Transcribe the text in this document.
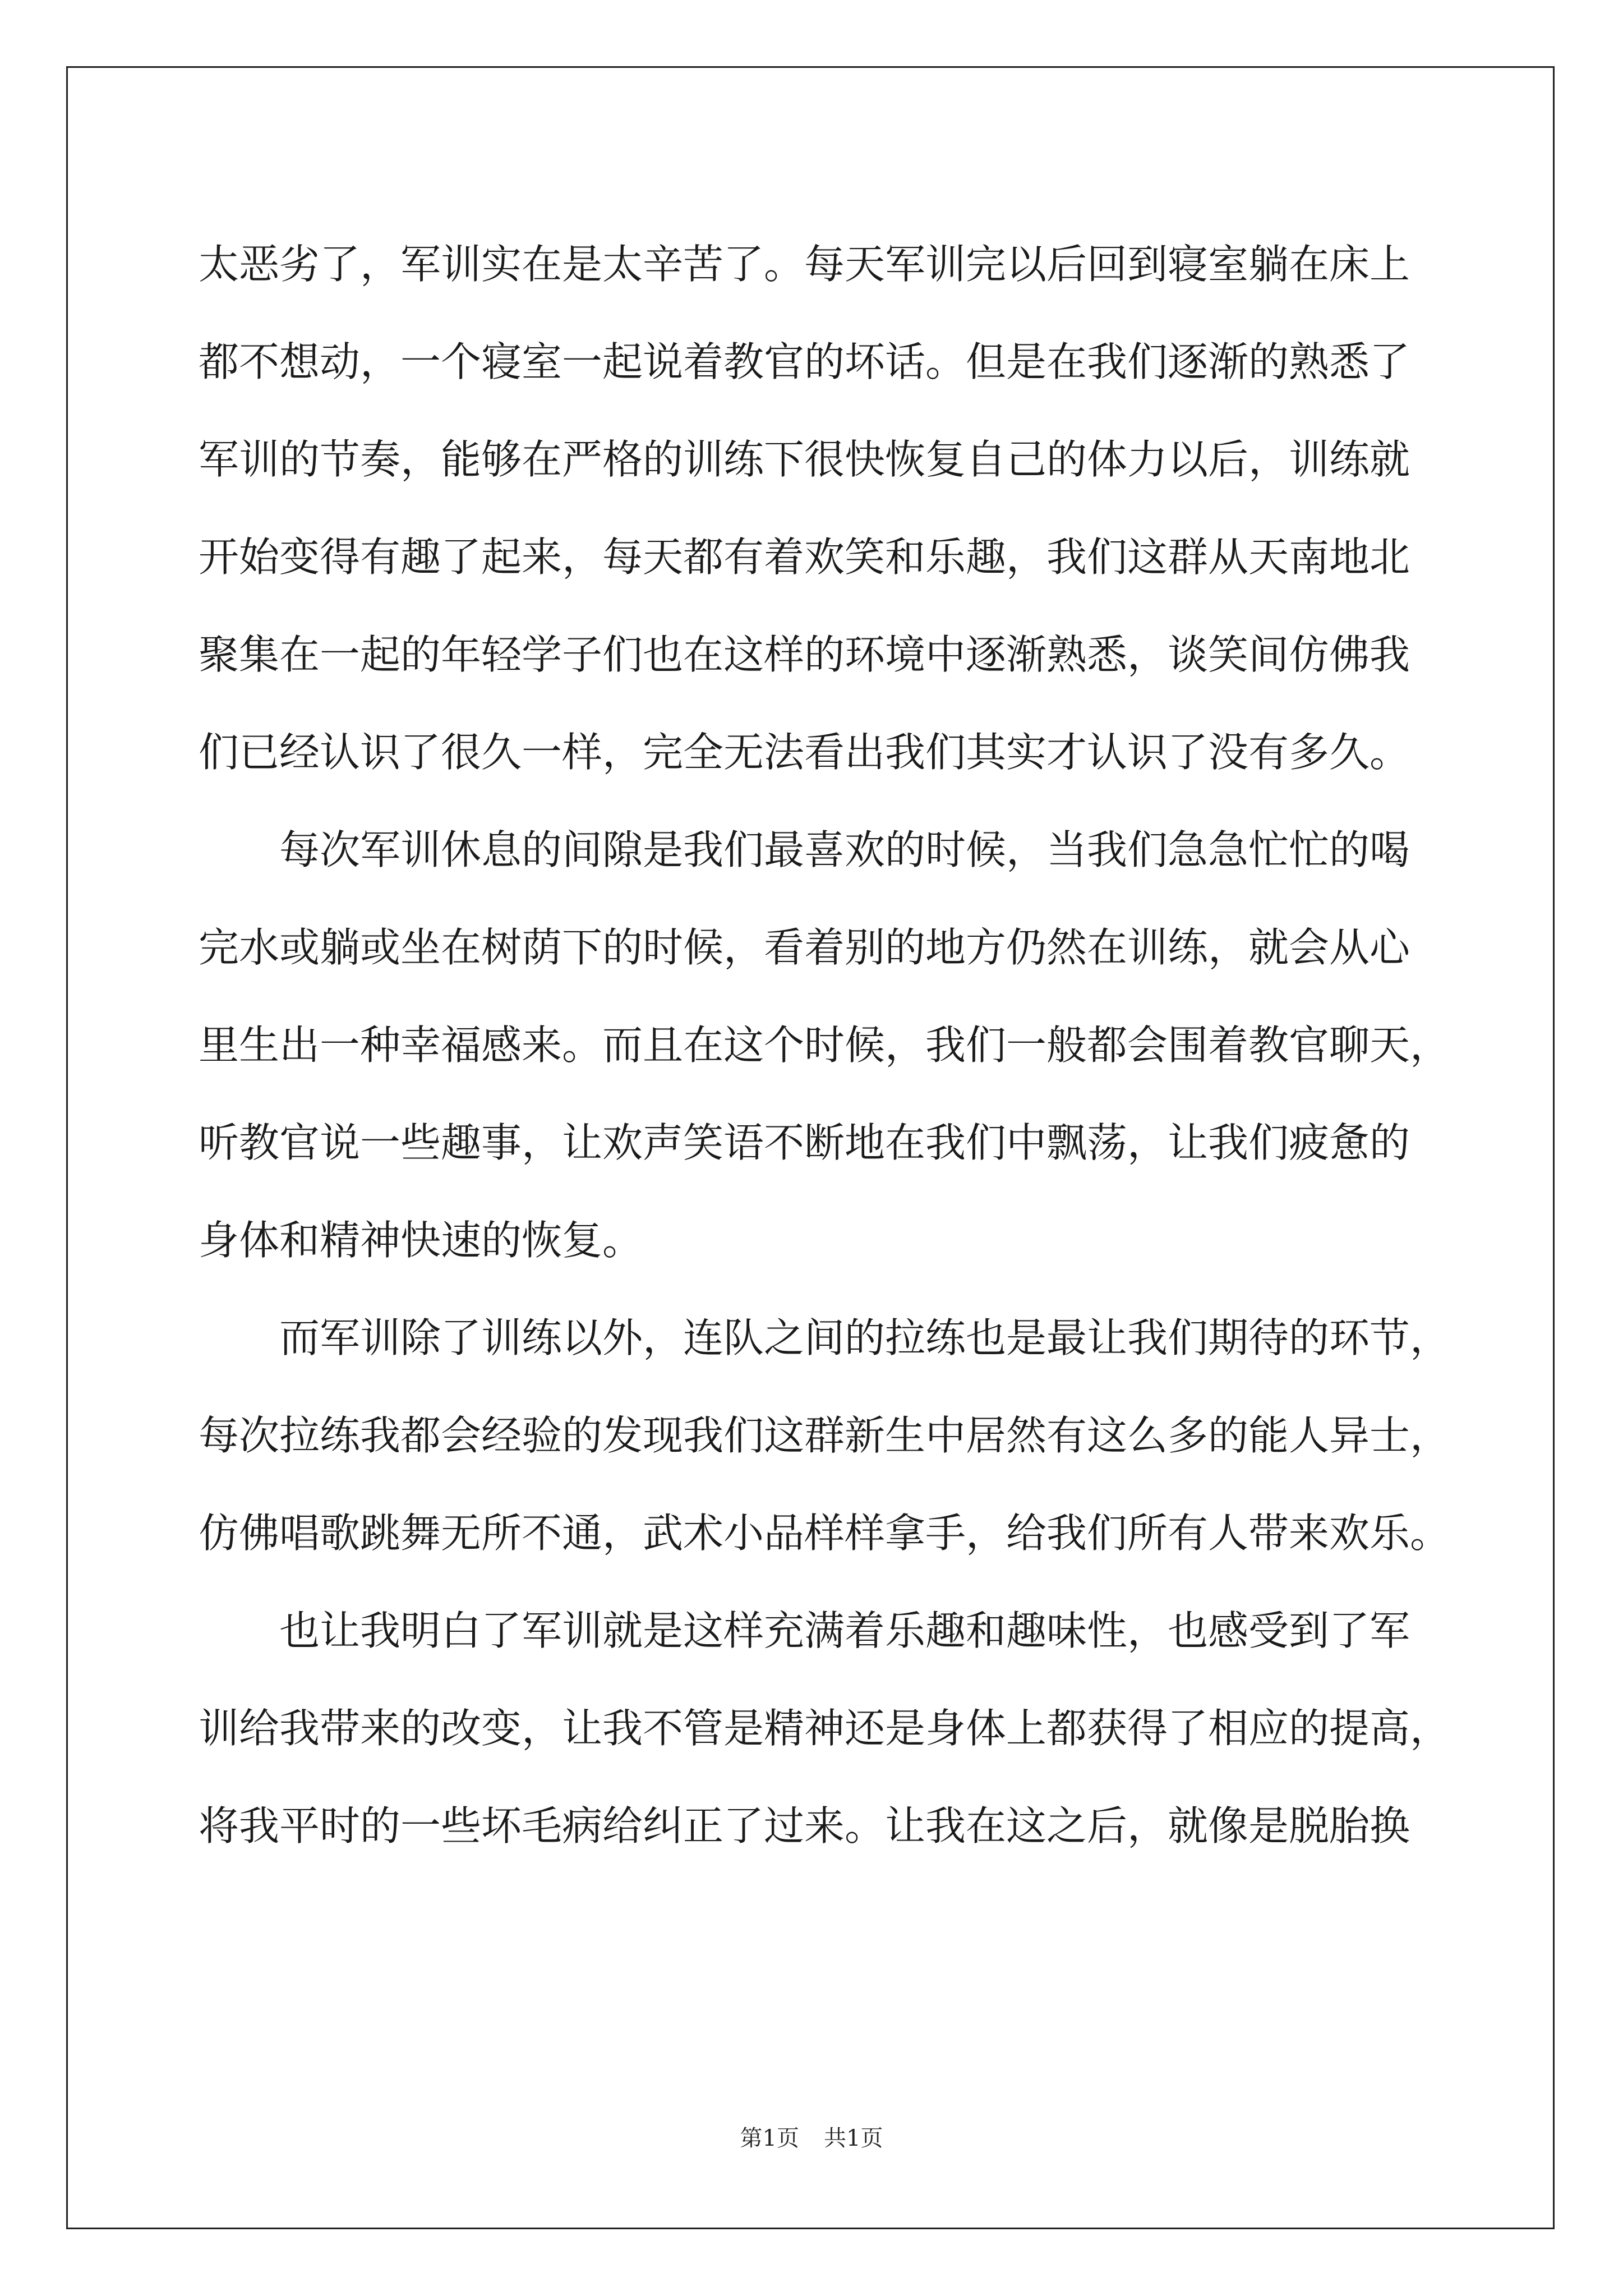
太恶劣了，军训实在是太辛苦了。每天军训完以后回到寝室躺在床上
都不想动，一个寝室一起说着教官的坏话。但是在我们逐渐的熟悉了
军训的节奏，能够在严格的训练下很快恢复自己的体力以后，训练就
开始变得有趣了起来，每天都有着欢笑和乐趣，我们这群从天南地北
聚集在一起的年轻学子们也在这样的环境中逐渐熟悉，谈笑间仿佛我
们已经认识了很久一样，完全无法看出我们其实才认识了没有多久。
每次军训休息的间隙是我们最喜欢的时候，当我们急急忙忙的喝
完水或躺或坐在树荫下的时候，看着别的地方仍然在训练，就会从心
里生出一种幸福感来。而且在这个时候，我们一般都会围着教官聊天，
听教官说一些趣事，让欢声笑语不断地在我们中飘荡，让我们疲惫的
身体和精神快速的恢复。
而军训除了训练以外，连队之间的拉练也是最让我们期待的环节，
每次拉练我都会经验的发现我们这群新生中居然有这么多的能人异士，
仿佛唱歌跳舞无所不通，武术小品样样拿手，给我们所有人带来欢乐。
也让我明白了军训就是这样充满着乐趣和趣味性，也感受到了军
训给我带来的改变，让我不管是精神还是身体上都获得了相应的提高，
将我平时的一些坏毛病给纠正了过来。让我在这之后，就像是脱胎换
第1页 共1页
